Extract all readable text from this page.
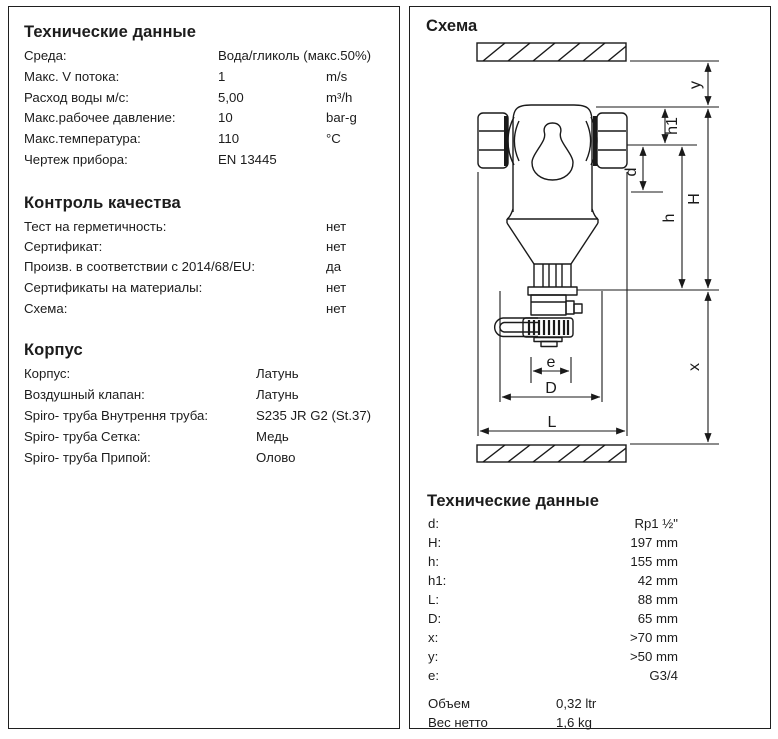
Технические данные
Среда:	Вода/гликоль (макс.50%)
Макс. V потока:	1	m/s
Расход воды м/с:	5,00	m³/h
Макс.рабочее давление:	10	bar-g
Макс.температура:	110	°C
Чертеж прибора:	EN 13445
Контроль качества
Тест на герметичность:	нет
Сертификат:	нет
Произв. в соответствии с 2014/68/EU:	да
Сертификаты на материалы:	нет
Схема:	нет
Корпус
Корпус:	Латунь
Воздушный клапан:	Латунь
Spiro- труба Внутрення труба:	S235 JR G2 (St.37)
Spiro- труба Сетка:	Медь
Spiro- труба Припой:	Олово
Схема
y
h1
d
h
H
x
e
D
L
Технические данные
d:	Rp1 ½"
H:	197 mm
h:	155 mm
h1:	42 mm
L:	88 mm
D:	65 mm
x:	>70 mm
y:	>50 mm
e:	G3/4
Объем	0,32 ltr
Вес нетто	1,6 kg
